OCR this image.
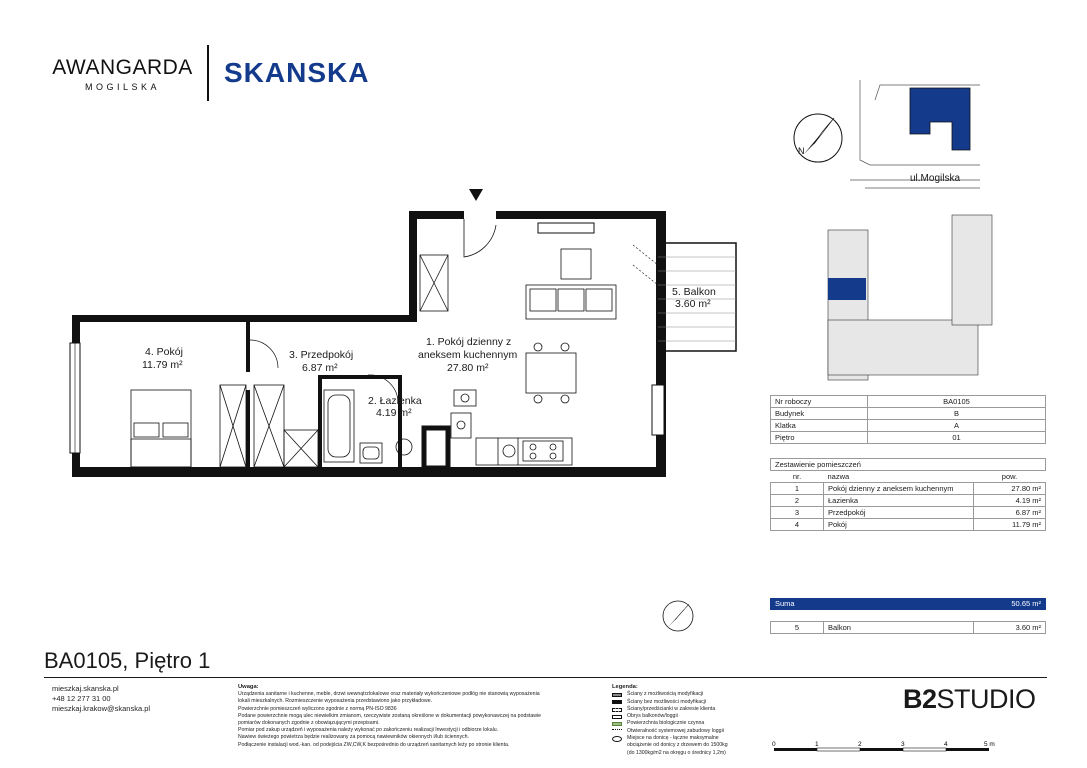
AWANGARDA
MOGILSKA	SKANSKA
1. Pokój dzienny z
aneksem kuchennym
27.80 m²
2. Łazienka
4.19 m²
3. Przedpokój
6.87 m²
4. Pokój
11.79 m²
5. Balkon
3.60 m²
N
ul.Mogilska
Nr roboczy	BA0105
Budynek	B
Klatka	A
Piętro	01
Zestawienie pomieszczeń		
nr.	nazwa	pow.
1	Pokój dzienny z aneksem kuchennym	27.80 m²
2	Łazienka	4.19 m²
3	Przedpokój	6.87 m²
4	Pokój	11.79 m²
Suma	50.65 m²
5	Balkon	3.60 m²
BA0105, Piętro 1
mieszkaj.skanska.pl
+48 12 277 31 00
mieszkaj.krakow@skanska.pl
Uwaga:
Urządzenia sanitarne i kuchenne, meble, drzwi wewnątrzlokalowe oraz materiały wykończeniowe podłóg nie stanowią wyposażenia
lokali mieszkalnych. Rozmieszczenie wyposażenia przedstawiono jako przykładowe.
Powierzchnie pomieszczeń wyliczono zgodnie z normą PN-ISO 9836
Podane powierzchnie mogą ulec niewielkim zmianom, rzeczywiste zostaną określone w dokumentacji powykonawczej na podstawie
pomiarów dokonanych zgodnie z obowiązującymi przepisami.
Pomiar pod zakup urządzeń i wyposażenia należy wykonać po zakończeniu realizacji Inwestycji i odbiorze lokalu.
Nawiew świeżego powietrza będzie realizowany za pomocą nawiewników okiennych i/lub ściennych.
Podłączenie instalacji wod.-kan. od podejścia ZW,CW,K bezpośrednio do urządzeń sanitarnych leży po stronie klienta.
Legenda:
Ściany z możliwością modyfikacji
Ściany bez możliwości modyfikacji
Ściany/przedścianki w zakresie klienta
Obrys balkonów/loggii
Powierzchnia biologicznie czynna
Otwieralność systemowej zabudowy loggii
Miejsce na donicę - łączne maksymalne
obciążenie od donicy z drzewem do 1500kg
(do 1300kg/m2 na okręgu o średnicy 1,2m)
B2STUDIO
0	1	2	3	4	5 m
